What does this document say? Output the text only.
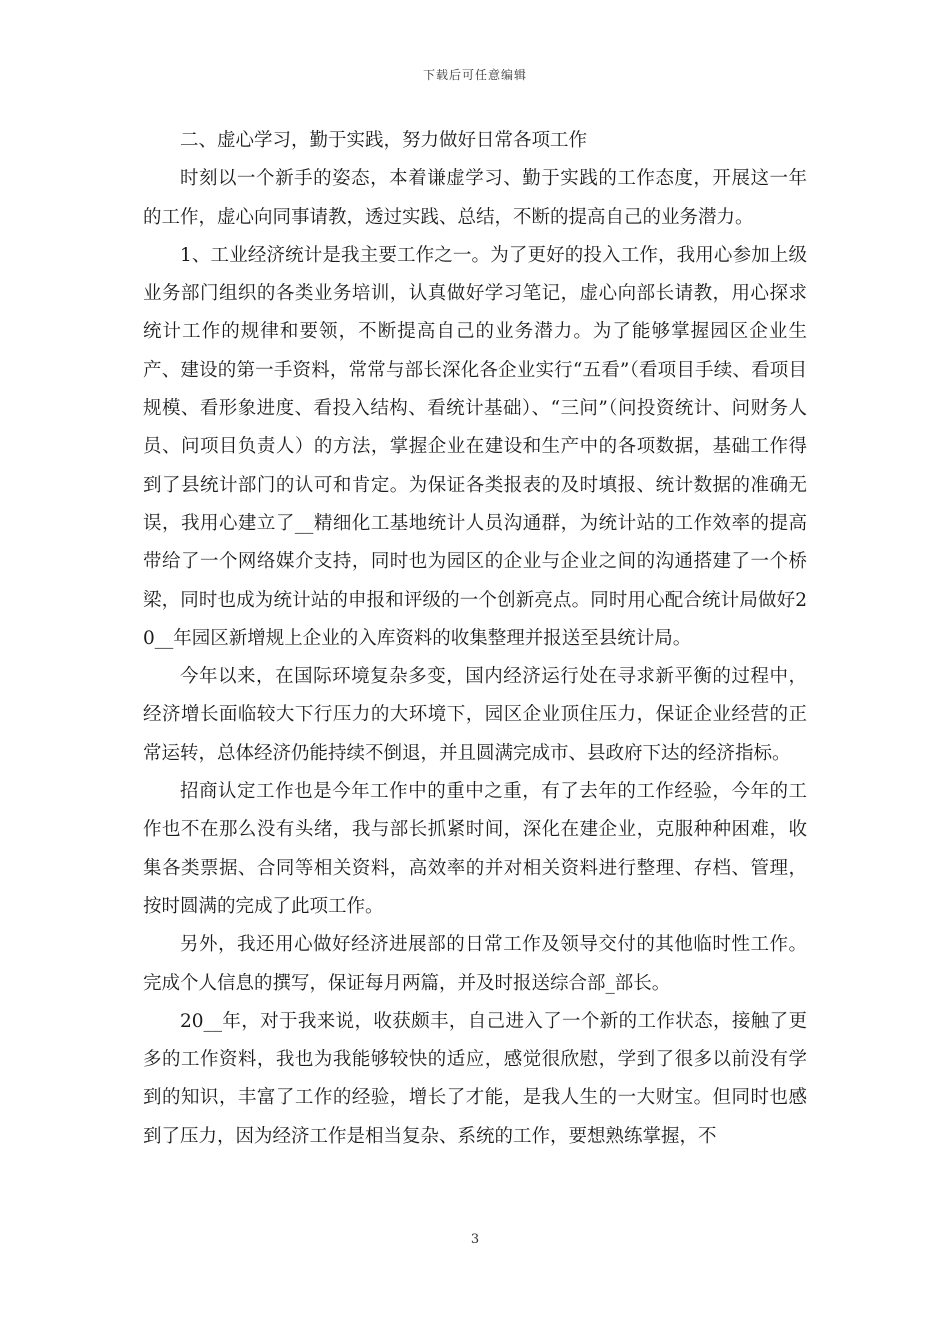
下载后可任意编辑

二、虚心学习，勤于实践，努力做好日常各项工作

时刻以一个新手的姿态，本着谦虚学习、勤于实践的工作态度，开展这一年的工作，虚心向同事请教，透过实践、总结，不断的提高自己的业务潜力。

1、工业经济统计是我主要工作之一。为了更好的投入工作，我用心参加上级业务部门组织的各类业务培训，认真做好学习笔记，虚心向部长请教，用心探求统计工作的规律和要领，不断提高自己的业务潜力。为了能够掌握园区企业生产、建设的第一手资料，常常与部长深化各企业实行“五看”（看项目手续、看项目规模、看形象进度、看投入结构、看统计基础）、“三问”（问投资统计、问财务人员、问项目负责人）的方法，掌握企业在建设和生产中的各项数据，基础工作得到了县统计部门的认可和肯定。为保证各类报表的及时填报、统计数据的准确无误，我用心建立了__精细化工基地统计人员沟通群，为统计站的工作效率的提高带给了一个网络媒介支持，同时也为园区的企业与企业之间的沟通搭建了一个桥梁，同时也成为统计站的申报和评级的一个创新亮点。同时用心配合统计局做好20__年园区新增规上企业的入库资料的收集整理并报送至县统计局。

今年以来，在国际环境复杂多变，国内经济运行处在寻求新平衡的过程中，经济增长面临较大下行压力的大环境下，园区企业顶住压力，保证企业经营的正常运转，总体经济仍能持续不倒退，并且圆满完成市、县政府下达的经济指标。

招商认定工作也是今年工作中的重中之重，有了去年的工作经验，今年的工作也不在那么没有头绪，我与部长抓紧时间，深化在建企业，克服种种困难，收集各类票据、合同等相关资料，高效率的并对相关资料进行整理、存档、管理，按时圆满的完成了此项工作。

另外，我还用心做好经济进展部的日常工作及领导交付的其他临时性工作。完成个人信息的撰写，保证每月两篇，并及时报送综合部_部长。

20__年，对于我来说，收获颇丰，自己进入了一个新的工作状态，接触了更多的工作资料，我也为我能够较快的适应，感觉很欣慰，学到了很多以前没有学到的知识，丰富了工作的经验，增长了才能，是我人生的一大财宝。但同时也感到了压力，因为经济工作是相当复杂、系统的工作，要想熟练掌握，不

3
